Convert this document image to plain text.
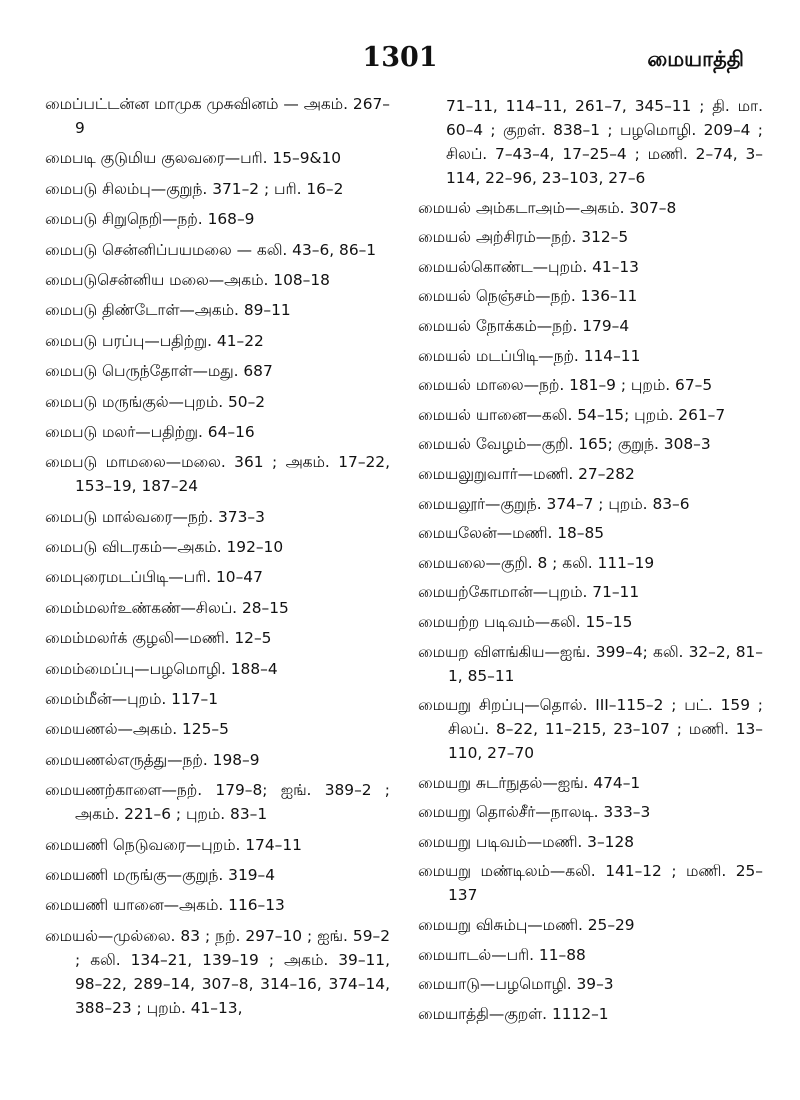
1301	மையாத்தி

மைப்பட்டன்ன மாமுக முசுவினம் — அகம். 267–9

மைபடி குடுமிய குலவரை—பரி. 15–9&10

மைபடு சிலம்பு—குறுந். 371–2 ; பரி. 16–2

மைபடு சிறுநெறி—நற். 168–9

மைபடு சென்னிப்பயமலை — கலி. 43–6, 86–1

மைபடுசென்னிய மலை—அகம். 108–18

மைபடு திண்டோள்—அகம். 89–11

மைபடு பரப்பு—பதிற்று. 41–22

மைபடு பெருந்தோள்—மது. 687

மைபடு மருங்குல்—புறம். 50–2

மைபடு மலர்—பதிற்று. 64–16

மைபடு மாமலை—மலை. 361 ; அகம். 17–22, 153–19, 187–24

மைபடு மால்வரை—நற். 373–3

மைபடு விடரகம்—அகம். 192–10

மைபுரைமடப்பிடி—பரி. 10–47

மைம்மலர்உண்கண்—சிலப். 28–15

மைம்மலர்க் குழலி—மணி. 12–5

மைம்மைப்பு—பழமொழி. 188–4

மைம்மீன்—புறம். 117–1

மையணல்—அகம். 125–5

மையணல்எருத்து—நற். 198–9

மையணற்காளை—நற். 179–8; ஐங். 389–2 ; அகம். 221–6 ; புறம். 83–1

மையணி நெடுவரை—புறம். 174–11

மையணி மருங்கு—குறுந். 319–4

மையணி யானை—அகம். 116–13

மையல்—முல்லை. 83 ; நற். 297–10 ; ஐங். 59–2 ; கலி. 134–21, 139–19 ; அகம். 39–11, 98–22, 289–14, 307–8, 314–16, 374–14, 388–23 ; புறம். 41–13,

71–11, 114–11, 261–7, 345–11 ; தி. மா. 60–4 ; குறள். 838–1 ; பழமொழி. 209–4 ; சிலப். 7–43–4, 17–25–4 ; மணி. 2–74, 3–114, 22–96, 23–103, 27–6

மையல் அம்கடாஅம்—அகம். 307–8

மையல் அற்சிரம்—நற். 312–5

மையல்கொண்ட—புறம். 41–13

மையல் நெஞ்சம்—நற். 136–11

மையல் நோக்கம்—நற். 179–4

மையல் மடப்பிடி—நற். 114–11

மையல் மாலை—நற். 181–9 ; புறம். 67–5

மையல் யானை—கலி. 54–15; புறம். 261–7

மையல் வேழம்—குறி. 165; குறுந். 308–3

மையலுறுவார்—மணி. 27–282

மையலூர்—குறுந். 374–7 ; புறம். 83–6

மையலேன்—மணி. 18–85

மையலை—குறி. 8 ; கலி. 111–19

மையற்கோமான்—புறம். 71–11

மையற்ற படிவம்—கலி. 15–15

மையற விளங்கிய—ஐங். 399–4; கலி. 32–2, 81–1, 85–11

மையறு சிறப்பு—தொல். III–115–2 ; பட். 159 ; சிலப். 8–22, 11–215, 23–107 ; மணி. 13–110, 27–70

மையறு சுடர்நுதல்—ஐங். 474–1

மையறு தொல்சீர்—நாலடி. 333–3

மையறு படிவம்—மணி. 3–128

மையறு மண்டிலம்—கலி. 141–12 ; மணி. 25–137

மையறு விசும்பு—மணி. 25–29

மையாடல்—பரி. 11–88

மையாடு—பழமொழி. 39–3

மையாத்தி—குறள். 1112–1
